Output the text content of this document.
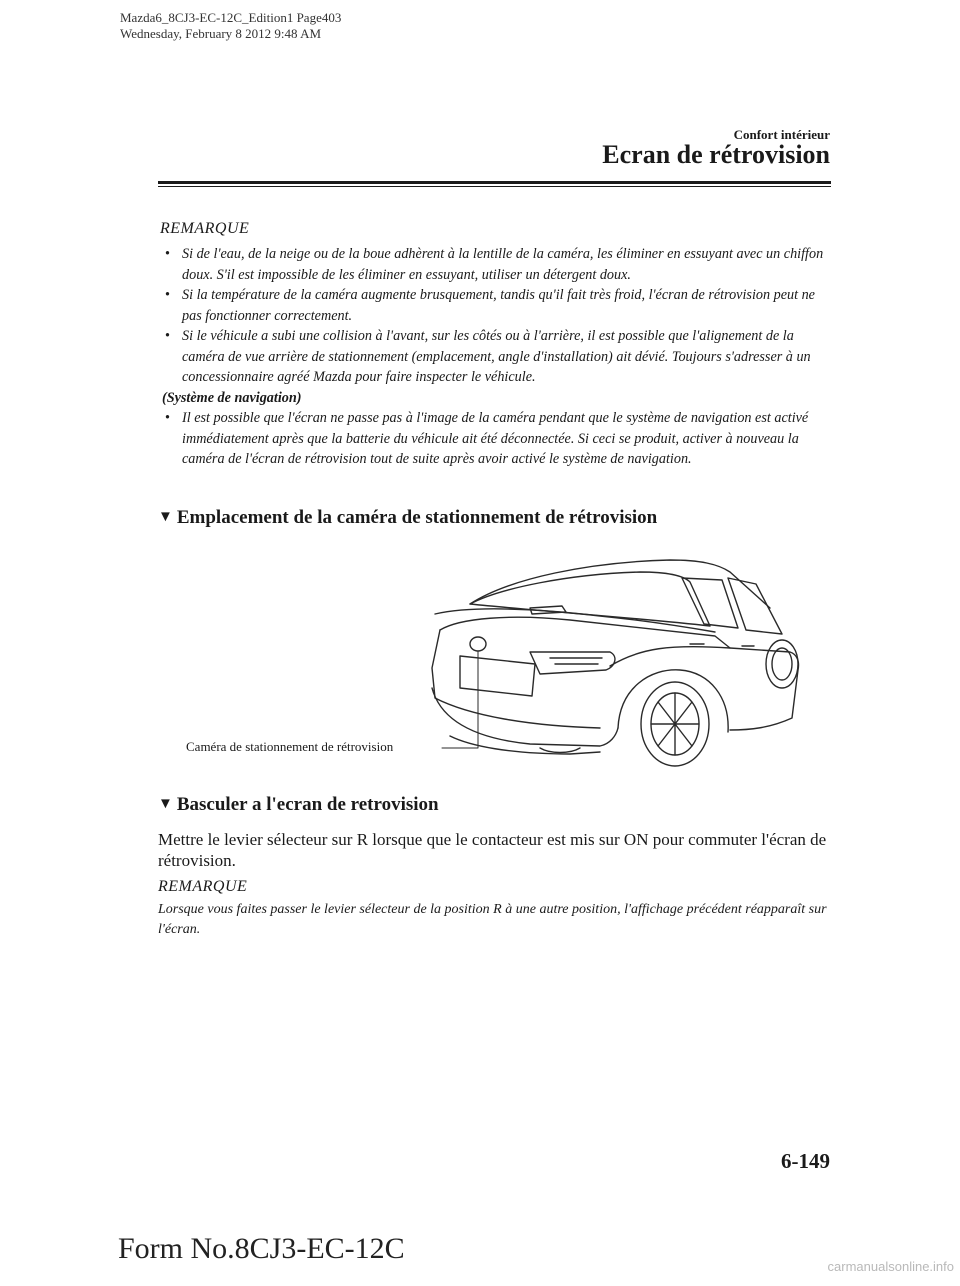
Mazda6_8CJ3-EC-12C_Edition1 Page403
Wednesday, February 8 2012 9:48 AM
Confort intérieur
Ecran de rétrovision
REMARQUE
• Si de l'eau, de la neige ou de la boue adhèrent à la lentille de la caméra, les éliminer en essuyant avec un chiffon doux. S'il est impossible de les éliminer en essuyant, utiliser un détergent doux.
• Si la température de la caméra augmente brusquement, tandis qu'il fait très froid, l'écran de rétrovision peut ne pas fonctionner correctement.
• Si le véhicule a subi une collision à l'avant, sur les côtés ou à l'arrière, il est possible que l'alignement de la caméra de vue arrière de stationnement (emplacement, angle d'installation) ait dévié. Toujours s'adresser à un concessionnaire agréé Mazda pour faire inspecter le véhicule.
(Système de navigation)
• Il est possible que l'écran ne passe pas à l'image de la caméra pendant que le système de navigation est activé immédiatement après que la batterie du véhicule ait été déconnectée. Si ceci se produit, activer à nouveau la caméra de l'écran de rétrovision tout de suite après avoir activé le système de navigation.
▼ Emplacement de la caméra de stationnement de rétrovision
Caméra de stationnement de rétrovision
▼ Basculer a l'ecran de retrovision
Mettre le levier sélecteur sur R lorsque que le contacteur est mis sur ON pour commuter l'écran de rétrovision.
REMARQUE
Lorsque vous faites passer le levier sélecteur de la position R à une autre position, l'affichage précédent réapparaît sur l'écran.
6-149
Form No.8CJ3-EC-12C
carmanualsonline.info
